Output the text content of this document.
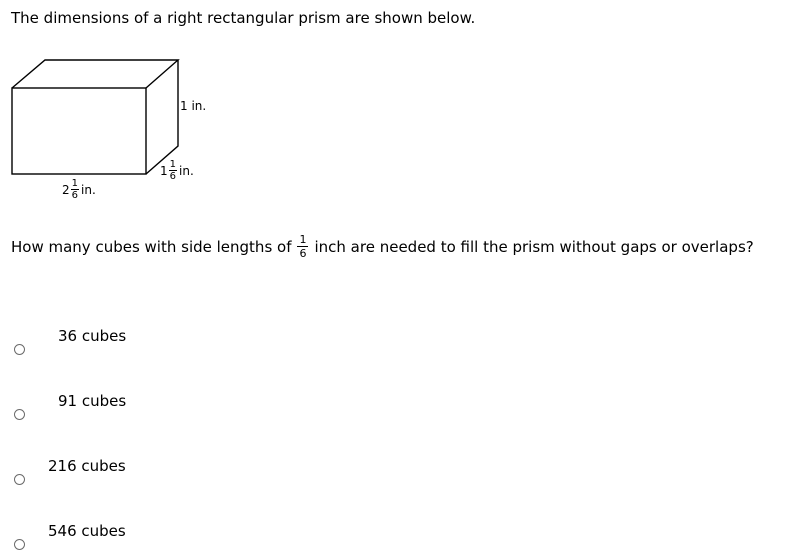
The dimensions of a right rectangular prism are shown below.
1 in.
$1 \frac{1}{6}$ in.
$2 \frac{1}{6}$ in.
How many cubes with side lengths of $\frac{1}{6}$ inch are needed to fill the prism without gaps or overlaps?
36 cubes
91 cubes
216 cubes
546 cubes
